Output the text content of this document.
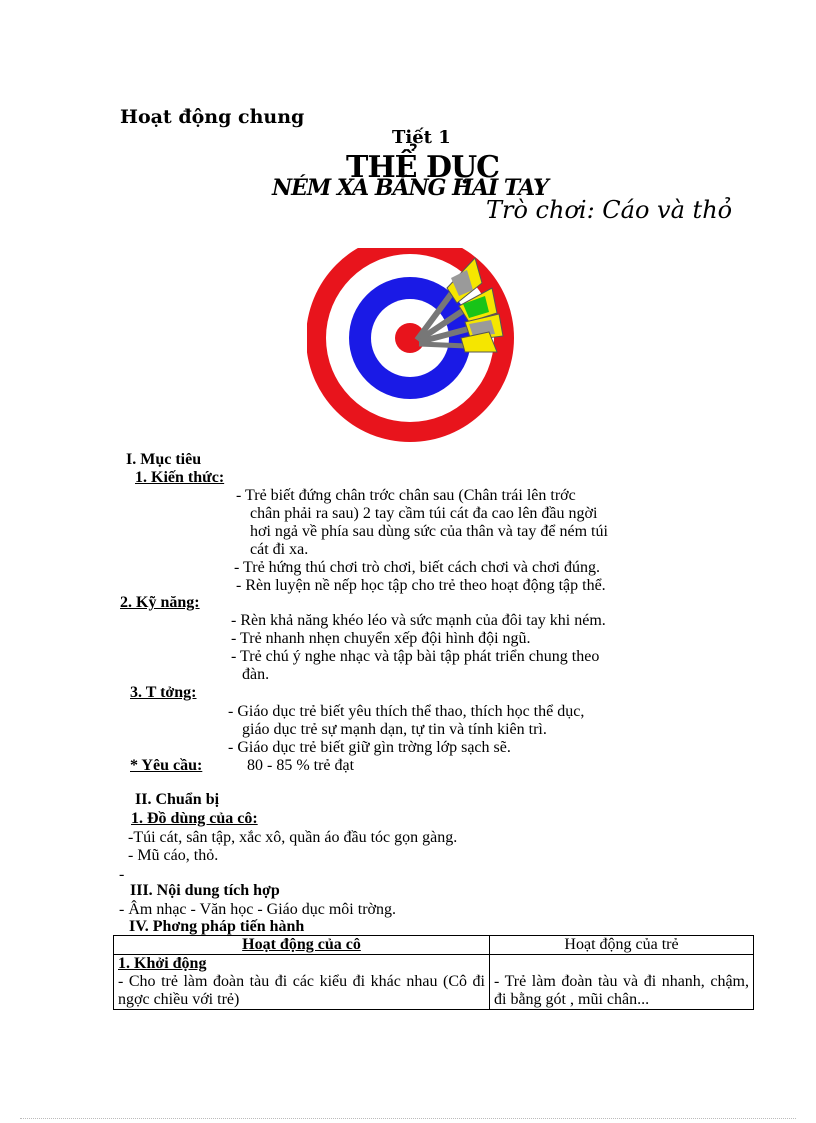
Hoạt động chung
Tiết 1
THỂ DỤC
NÉM XA BẰNG HAI TAY
Trò chơi: Cáo và thỏ
I. Mục tiêu
1. Kiến thức:
- Trẻ biết đứng chân trớc chân sau (Chân trái lên trớc
chân phải ra sau) 2 tay cầm túi cát đa cao lên đầu ngời
hơi ngả về phía sau dùng sức của thân và tay để ném túi
cát đi xa.
- Trẻ hứng thú chơi trò chơi, biết cách chơi và chơi đúng.
- Rèn luyện nề nếp học tập cho trẻ theo hoạt động tập thể.
2. Kỹ năng:
- Rèn khả năng khéo léo và sức mạnh của đôi tay khi ném.
- Trẻ nhanh nhẹn chuyển xếp đội hình đội ngũ.
- Trẻ chú ý nghe nhạc và tập bài tập phát triển chung theo
đàn.
3. T tởng:
- Giáo dục trẻ biết yêu thích thể thao, thích học thể dục,
giáo dục trẻ sự mạnh dạn, tự tin và tính kiên trì.
- Giáo dục trẻ biết giữ gìn trờng lớp sạch sẽ.
* Yêu cầu:	80 - 85 % trẻ đạt
II. Chuẩn bị
1. Đồ dùng của cô:
-Túi cát, sân tập, xắc xô, quần áo đầu tóc gọn gàng.
- Mũ cáo, thỏ.
-
III. Nội dung tích hợp
- Âm nhạc - Văn học - Giáo dục môi trờng.
IV. Phơng pháp tiến hành
Hoạt động của cô	Hoạt động của trẻ

1. Khởi động
- Cho trẻ làm đoàn tàu đi các kiểu đi khác nhau (Cô đi ngợc chiều với trẻ)	- Trẻ làm đoàn tàu và đi nhanh, chậm, đi bằng gót , mũi chân...
